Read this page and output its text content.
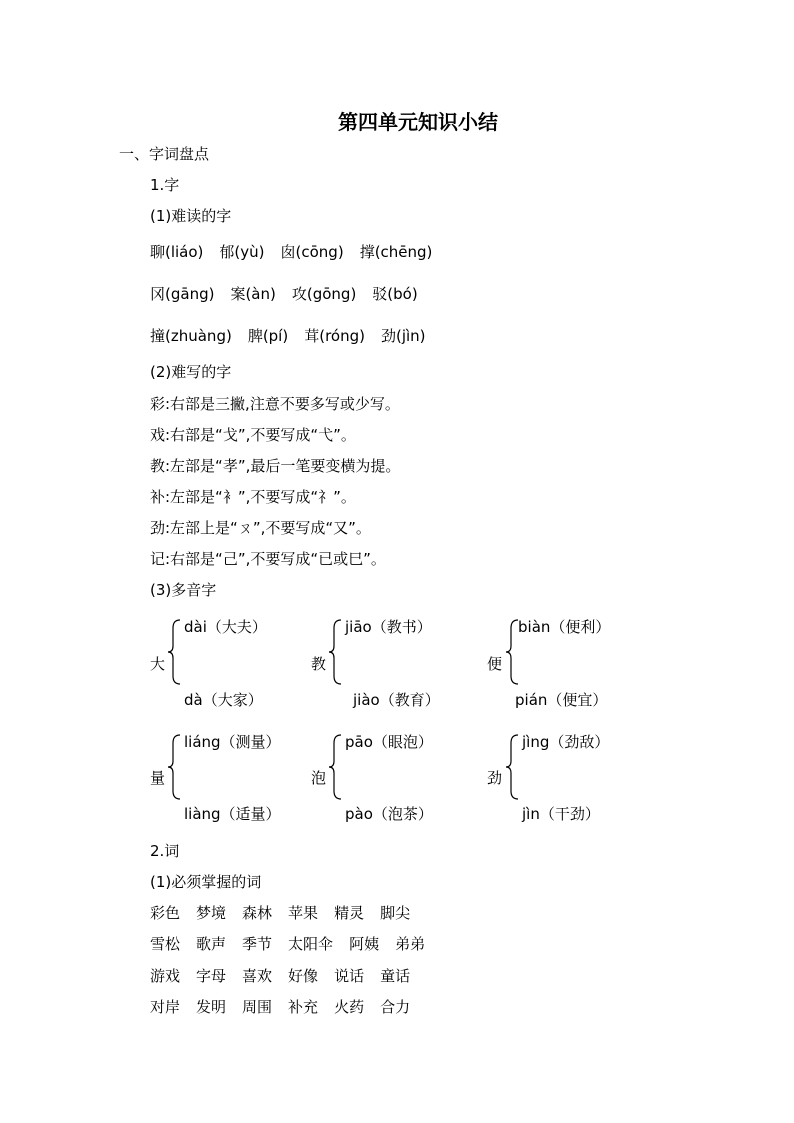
第四单元知识小结
一、字词盘点
1.字
(1)难读的字
聊(liáo) 郁(yù) 囱(cōng) 撑(chēng)
冈(gāng) 案(àn) 攻(gōng) 驳(bó)
撞(zhuàng) 脾(pí) 茸(róng) 劲(jìn)
(2)难写的字
彩:右部是三撇,注意不要多写或少写。
戏:右部是“戈”,不要写成“弋”。
教:左部是“孝”,最后一笔要变横为提。
补:左部是“衤”,不要写成“礻”。
劲:左部上是“ㄡ”,不要写成“又”。
记:右部是“己”,不要写成“已或巳”。
(3)多音字
大
dài（大夫）
dà（大家）
教
jiāo（教书）
jiào（教育）
便
biàn（便利）
pián（便宜）
量
liáng（测量）
liàng（适量）
泡
pāo（眼泡）
pào（泡茶）
劲
jìng（劲敌）
jìn（干劲）
2.词
(1)必须掌握的词
彩色 梦境 森林 苹果 精灵 脚尖
雪松 歌声 季节 太阳伞 阿姨 弟弟
游戏 字母 喜欢 好像 说话 童话
对岸 发明 周围 补充 火药 合力
